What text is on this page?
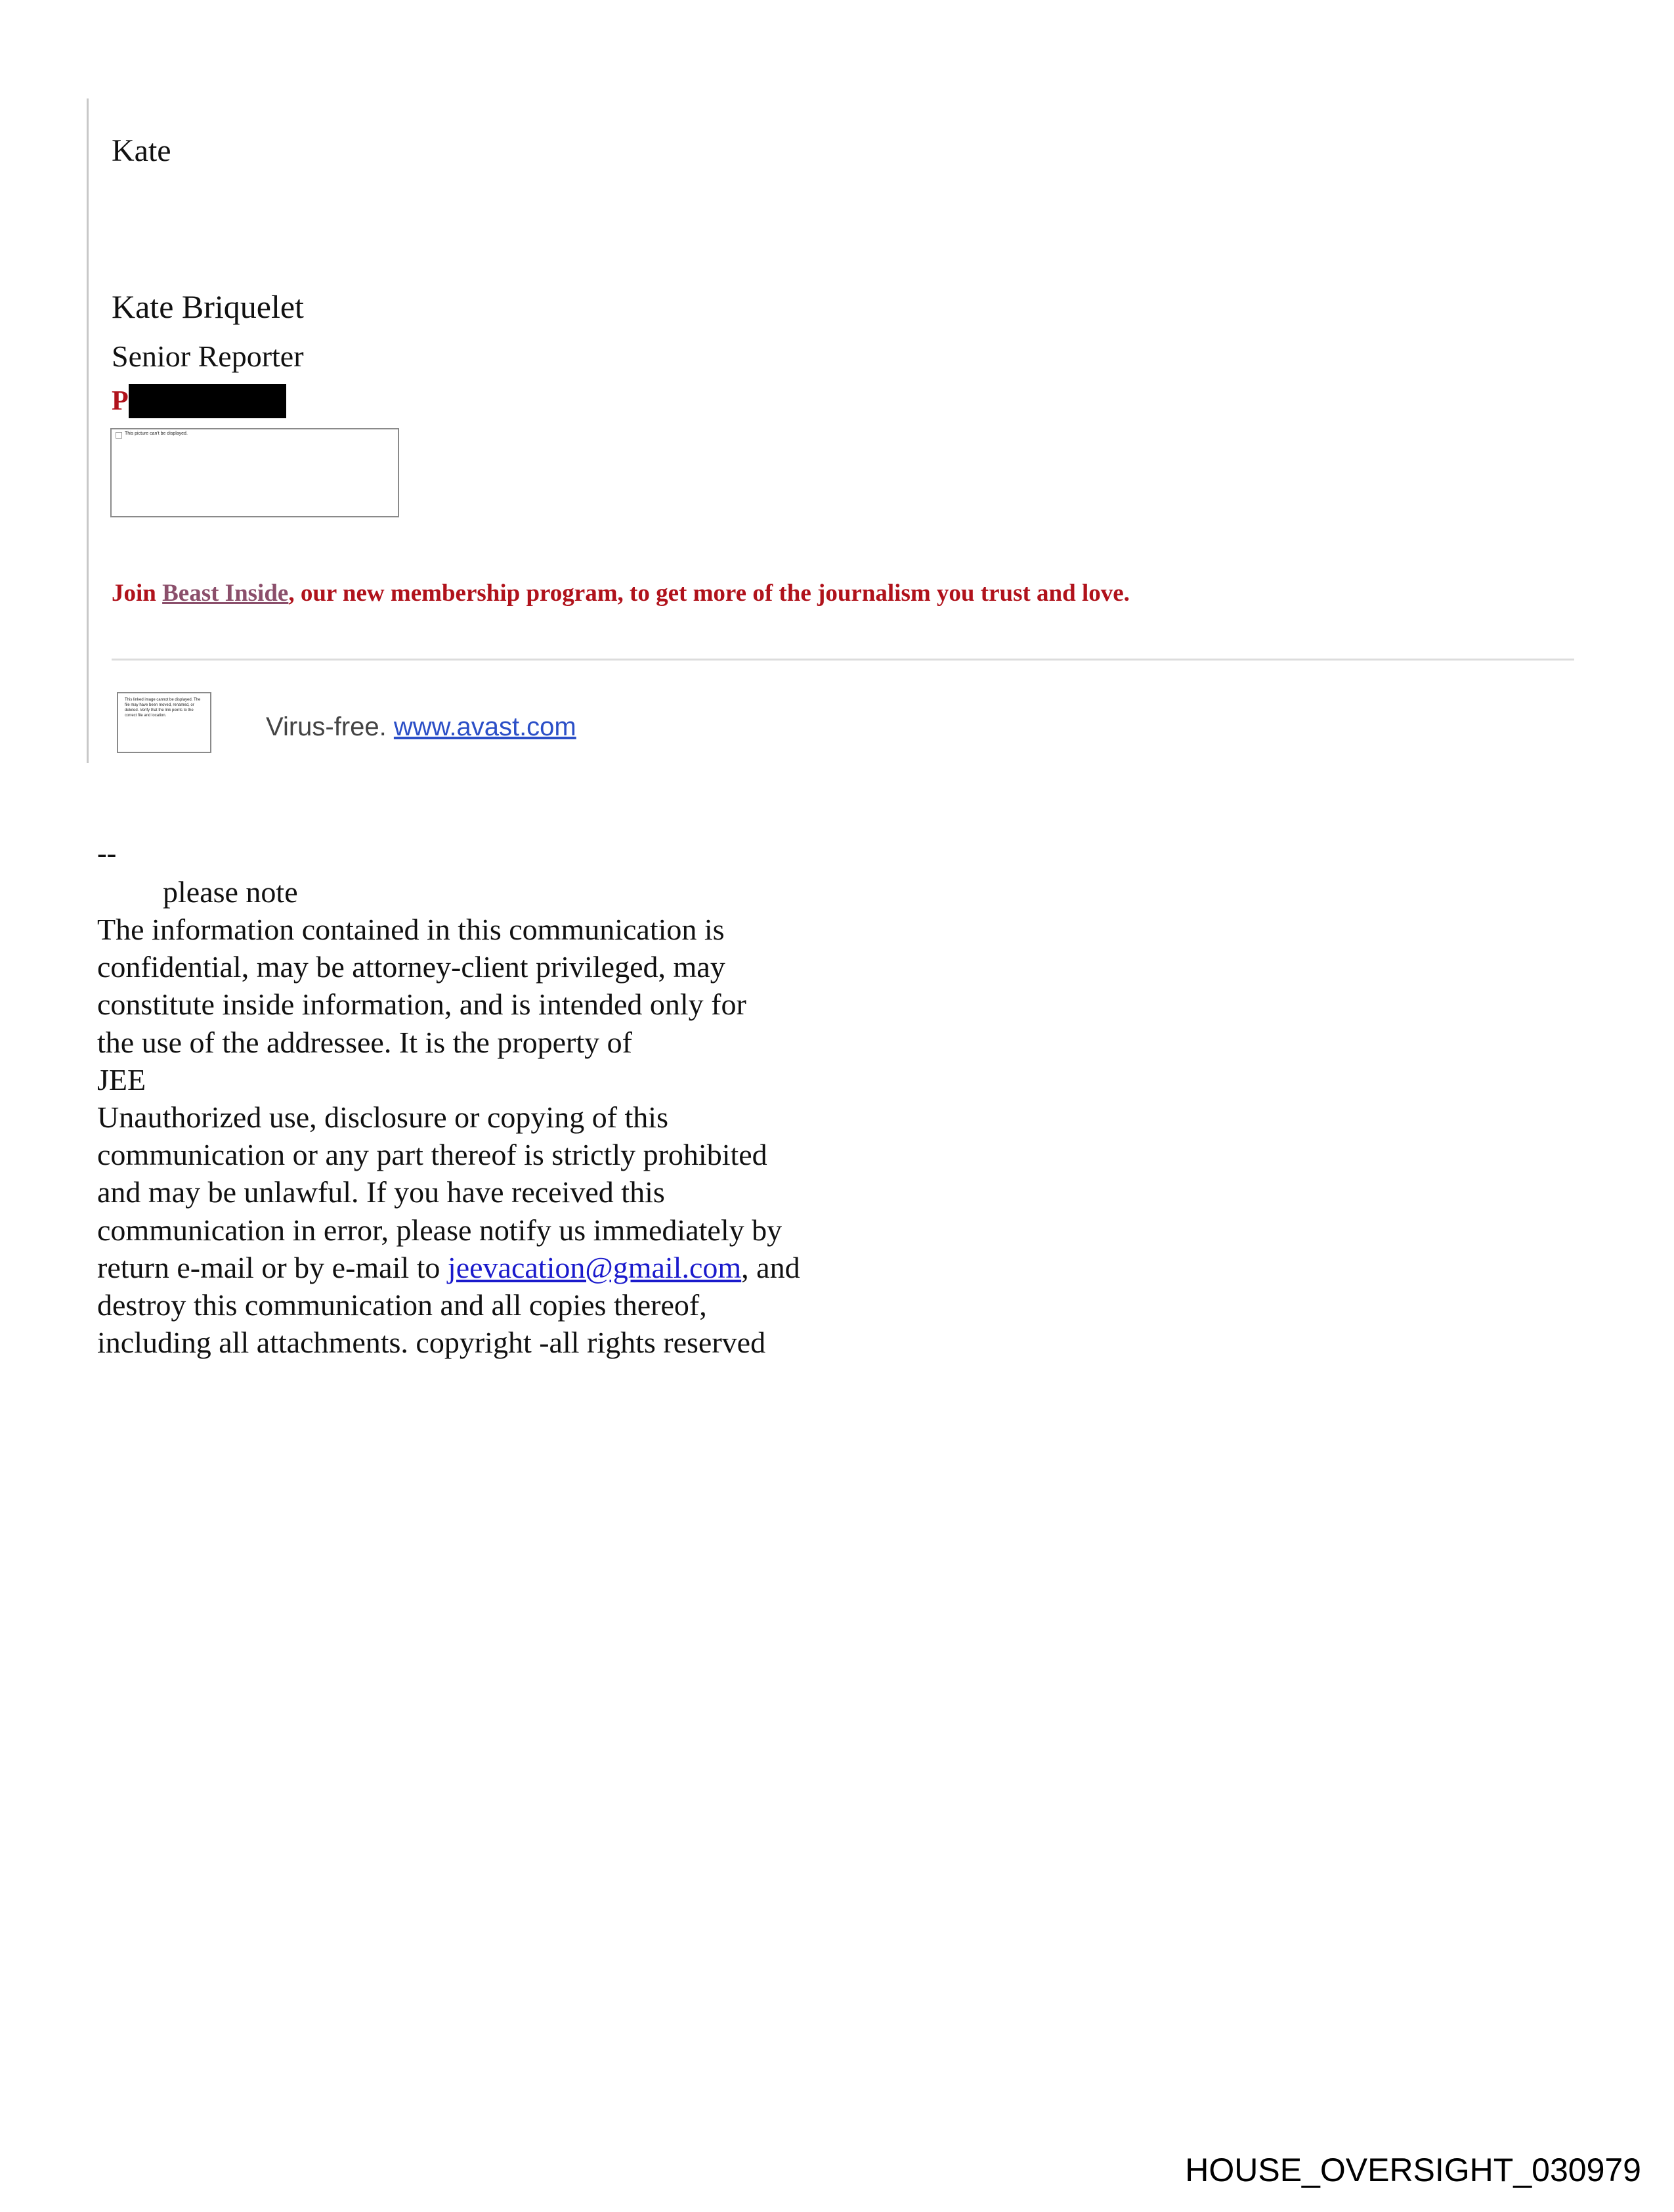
Kate
Kate Briquelet
Senior Reporter
P
This picture can't be displayed.
Join Beast Inside, our new membership program, to get more of the journalism you trust and love.
This linked image cannot be displayed. The file may have been moved, renamed, or deleted. Verify that the link points to the correct file and location.	Virus-free. www.avast.com
--
please note
The information contained in this communication is
confidential, may be attorney-client privileged, may
constitute inside information, and is intended only for
the use of the addressee. It is the property of
JEE
Unauthorized use, disclosure or copying of this
communication or any part thereof is strictly prohibited
and may be unlawful. If you have received this
communication in error, please notify us immediately by
return e-mail or by e-mail to jeevacation@gmail.com, and
destroy this communication and all copies thereof,
including all attachments. copyright -all rights reserved
HOUSE_OVERSIGHT_030979
